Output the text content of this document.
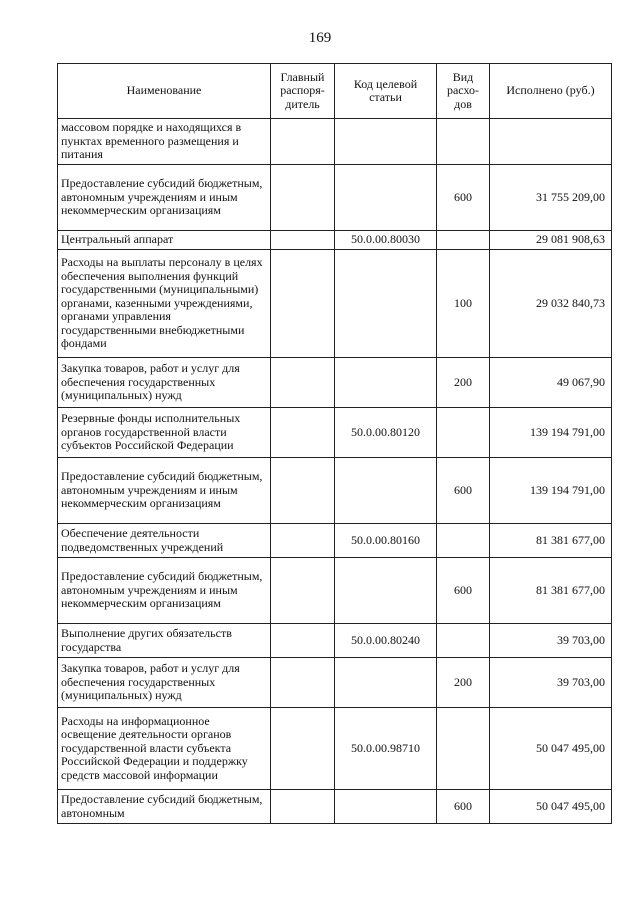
169
Наименование	Главный распоря-дитель	Код целевой статьи	Вид расхо-дов	Исполнено (руб.)
массовом порядке и находящихся в пунктах временного размещения и питания				
Предоставление субсидий бюджетным, автономным учреждениям и иным некоммерческим организациям			600	31 755 209,00
Центральный аппарат		50.0.00.80030		29 081 908,63
Расходы на выплаты персоналу в целях обеспечения выполнения функций государственными (муниципальными) органами, казенными учреждениями, органами управления государственными внебюджетными фондами			100	29 032 840,73
Закупка товаров, работ и услуг для обеспечения государственных (муниципальных) нужд			200	49 067,90
Резервные фонды исполнительных органов государственной власти субъектов Российской Федерации		50.0.00.80120		139 194 791,00
Предоставление субсидий бюджетным, автономным учреждениям и иным некоммерческим организациям			600	139 194 791,00
Обеспечение деятельности подведомственных учреждений		50.0.00.80160		81 381 677,00
Предоставление субсидий бюджетным, автономным учреждениям и иным некоммерческим организациям			600	81 381 677,00
Выполнение других обязательств государства		50.0.00.80240		39 703,00
Закупка товаров, работ и услуг для обеспечения государственных (муниципальных) нужд			200	39 703,00
Расходы на информационное освещение деятельности органов государственной власти субъекта Российской Федерации и поддержку средств массовой информации		50.0.00.98710		50 047 495,00
Предоставление субсидий бюджетным, автономным			600	50 047 495,00
